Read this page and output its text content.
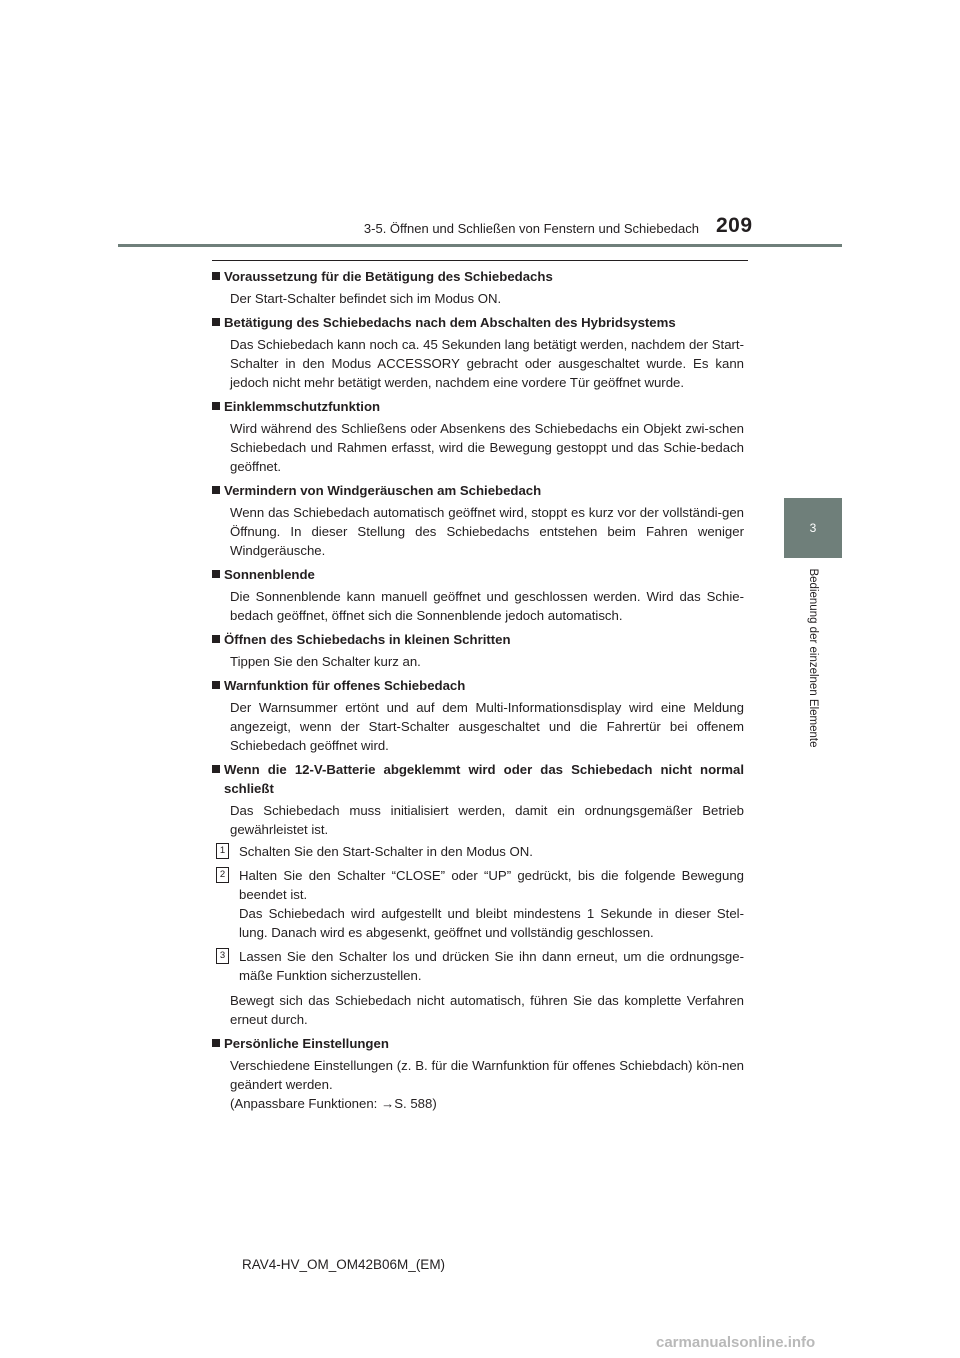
3-5. Öffnen und Schließen von Fenstern und Schiebedach 209
3
Bedienung der einzelnen Elemente
Voraussetzung für die Betätigung des Schiebedachs
Der Start-Schalter befindet sich im Modus ON.
Betätigung des Schiebedachs nach dem Abschalten des Hybridsystems
Das Schiebedach kann noch ca. 45 Sekunden lang betätigt werden, nachdem der Start-Schalter in den Modus ACCESSORY gebracht oder ausgeschaltet wurde. Es kann jedoch nicht mehr betätigt werden, nachdem eine vordere Tür geöffnet wurde.
Einklemmschutzfunktion
Wird während des Schließens oder Absenkens des Schiebedachs ein Objekt zwi-schen Schiebedach und Rahmen erfasst, wird die Bewegung gestoppt und das Schie-bedach geöffnet.
Vermindern von Windgeräuschen am Schiebedach
Wenn das Schiebedach automatisch geöffnet wird, stoppt es kurz vor der vollständi-gen Öffnung. In dieser Stellung des Schiebedachs entstehen beim Fahren weniger Windgeräusche.
Sonnenblende
Die Sonnenblende kann manuell geöffnet und geschlossen werden. Wird das Schie-bedach geöffnet, öffnet sich die Sonnenblende jedoch automatisch.
Öffnen des Schiebedachs in kleinen Schritten
Tippen Sie den Schalter kurz an.
Warnfunktion für offenes Schiebedach
Der Warnsummer ertönt und auf dem Multi-Informationsdisplay wird eine Meldung angezeigt, wenn der Start-Schalter ausgeschaltet und die Fahrertür bei offenem Schiebedach geöffnet wird.
Wenn die 12-V-Batterie abgeklemmt wird oder das Schiebedach nicht normal schließt
Das Schiebedach muss initialisiert werden, damit ein ordnungsgemäßer Betrieb gewährleistet ist.
1 Schalten Sie den Start-Schalter in den Modus ON.
2 Halten Sie den Schalter “CLOSE” oder “UP” gedrückt, bis die folgende Bewegung beendet ist.
Das Schiebedach wird aufgestellt und bleibt mindestens 1 Sekunde in dieser Stel-lung. Danach wird es abgesenkt, geöffnet und vollständig geschlossen.
3 Lassen Sie den Schalter los und drücken Sie ihn dann erneut, um die ordnungsge-mäße Funktion sicherzustellen.
Bewegt sich das Schiebedach nicht automatisch, führen Sie das komplette Verfahren erneut durch.
Persönliche Einstellungen
Verschiedene Einstellungen (z. B. für die Warnfunktion für offenes Schiebdach) kön-nen geändert werden.
(Anpassbare Funktionen: →S. 588)
RAV4-HV_OM_OM42B06M_(EM)
carmanualsonline.info
